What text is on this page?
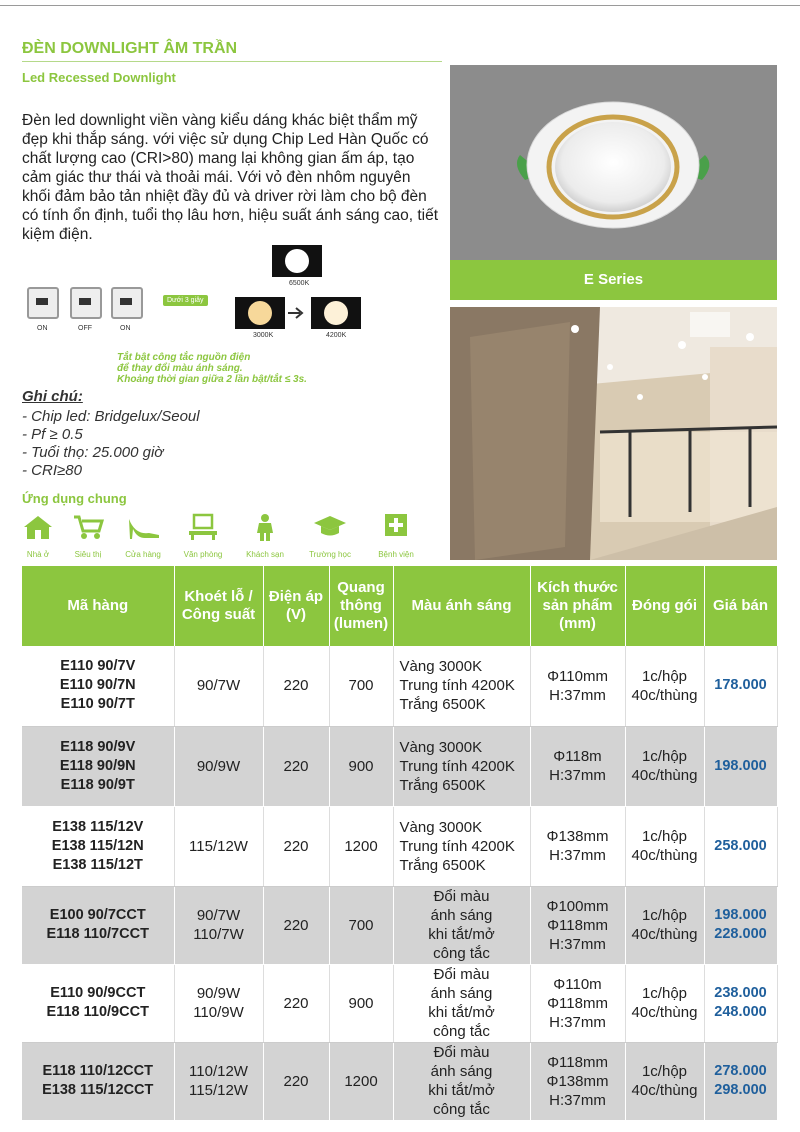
ĐÈN DOWNLIGHT ÂM TRẦN
Led Recessed Downlight
Đèn led downlight viền vàng kiểu dáng khác biệt thẩm mỹ đẹp khi thắp sáng. với việc sử dụng Chip Led Hàn Quốc có chất lượng cao (CRI>80) mang lại không gian ấm áp, tạo cảm giác thư thái và thoải mái. Với vỏ đèn nhôm nguyên khối đảm bảo tản nhiệt đầy đủ và driver rời làm cho bộ đèn có tính ổn định, tuổi thọ lâu hơn, hiệu suất ánh sáng cao, tiết kiệm điện.
E Series
ON	OFF	ON
Dưới 3 giây
6500K
3000K	4200K
Tắt bật công tắc nguồn điện
để thay đổi màu ánh sáng.
Khoảng thời gian giữa 2 lần bật/tắt ≤ 3s.
Ghi chú:
- Chip led: Bridgelux/Seoul
- Pf ≥ 0.5
- Tuổi thọ: 25.000 giờ
- CRI≥80
Ứng dụng chung
Nhà ở	Siêu thị	Cửa hàng	Văn phòng	Khách sạn	Trường học	Bệnh viện
Mã hàng	Khoét lỗ / Công suất	Điện áp (V)	Quang thông (lumen)	Màu ánh sáng	Kích thước sản phẩm (mm)	Đóng gói	Giá bán

E110 90/7V
E110 90/7N
E110 90/7T	90/7W	220	700	Vàng 3000K
Trung tính 4200K
Trắng 6500K	Φ110mm
H:37mm	1c/hộp
40c/thùng	178.000

E118 90/9V
E118 90/9N
E118 90/9T	90/9W	220	900	Vàng 3000K
Trung tính 4200K
Trắng 6500K	Φ118m
H:37mm	1c/hộp
40c/thùng	198.000

E138 115/12V
E138 115/12N
E138 115/12T	115/12W	220	1200	Vàng 3000K
Trung tính 4200K
Trắng 6500K	Φ138mm
H:37mm	1c/hộp
40c/thùng	258.000

E100 90/7CCT
E118 110/7CCT	90/7W
110/7W	220	700	Đổi màu
ánh sáng
khi tắt/mở
công tắc	Φ100mm
Φ118mm
H:37mm	1c/hộp
40c/thùng	198.000
228.000

E110 90/9CCT
E118 110/9CCT	90/9W
110/9W	220	900	Đổi màu
ánh sáng
khi tắt/mở
công tắc	Φ110m
Φ118mm
H:37mm	1c/hộp
40c/thùng	238.000
248.000

E118 110/12CCT
E138 115/12CCT	110/12W
115/12W	220	1200	Đổi màu
ánh sáng
khi tắt/mở
công tắc	Φ118mm
Φ138mm
H:37mm	1c/hộp
40c/thùng	278.000
298.000
